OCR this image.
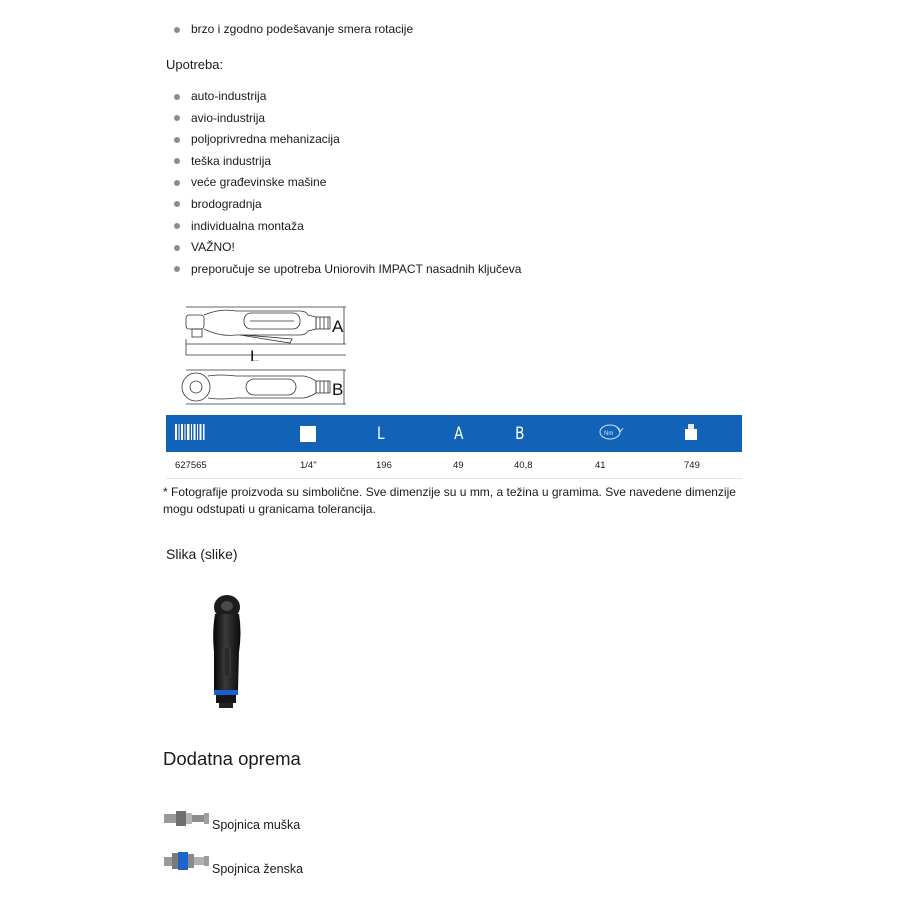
brzo i zgodno podešavanje smera rotacije
Upotreba:
auto-industrija
avio-industrija
poljoprivredna mehanizacija
teška industrija
veće građevinske mašine
brodogradnja
individualna montaža
VAŽNO!
preporučuje se upotreba Uniorovih IMPACT nasadnih ključeva
A
L
B
		L	A	B	Nm

627565	1/4"	196	49	40,8	41	749
* Fotografije proizvoda su simbolične. Sve dimenzije su u mm, a težina u gramima. Sve navedene dimenzije mogu odstupati u granicama tolerancija.
Slika (slike)
Dodatna oprema
Spojnica muška
Spojnica ženska
